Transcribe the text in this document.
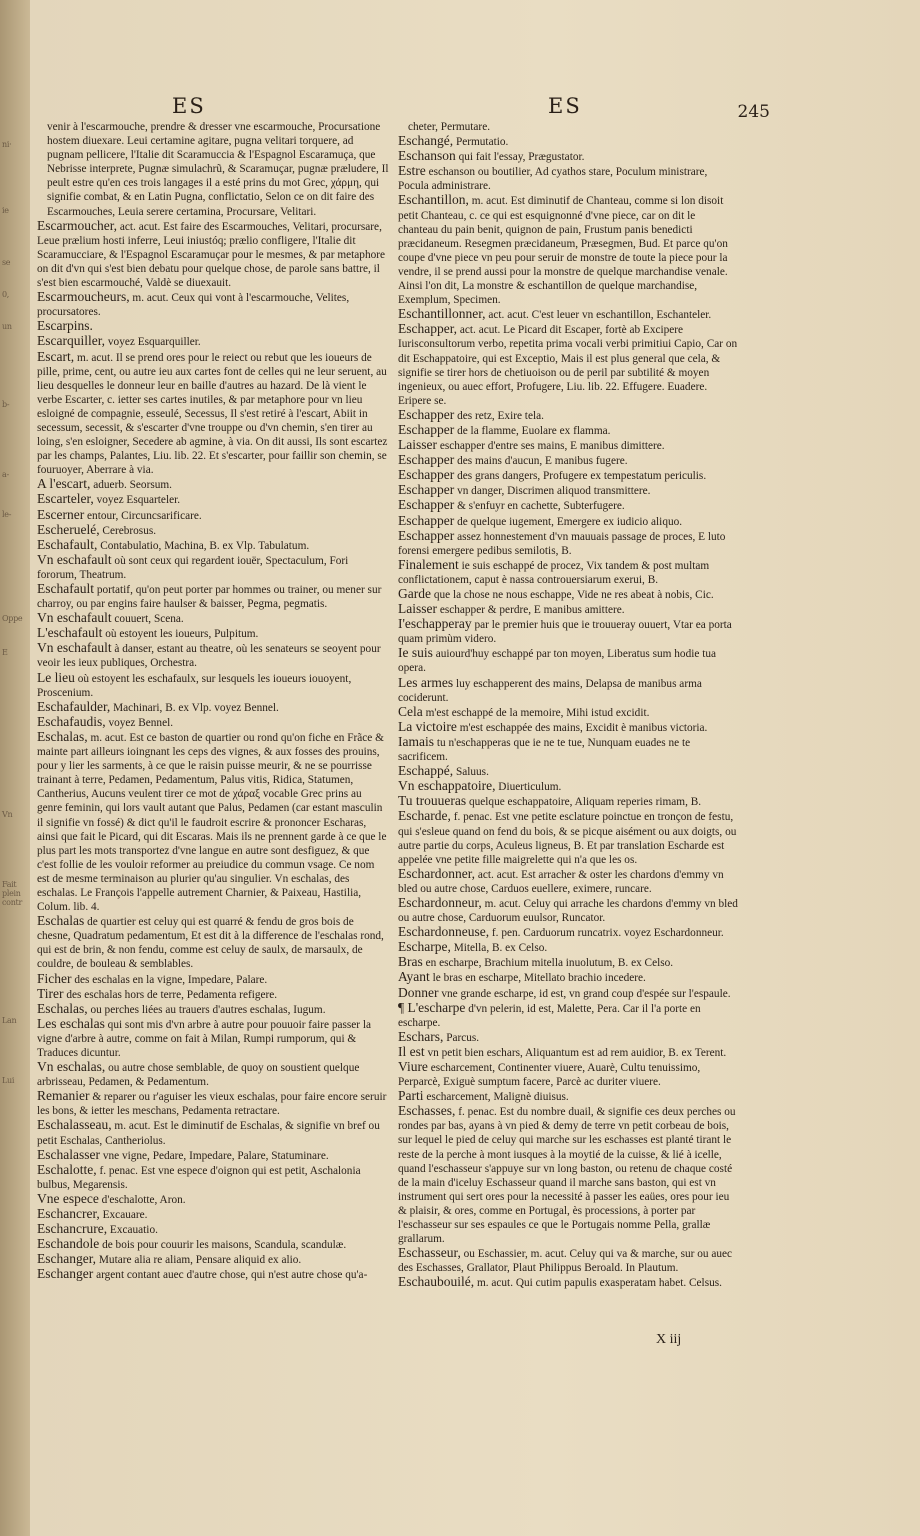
ni·
ie
se
0,
un
b-
a-
le-
Oppe
E
Vn
Fait plein contr
Lan
Lui
ES	ES	245

venir à l'escarmouche, prendre & dresser vne escarmouche, Procursatione hostem diuexare. Leui certamine agitare, pugna velitari torquere, ad pugnam pellicere, l'Italie dit Scaramuccia & l'Espagnol Escaramuça, que Nebrisse interprete, Pugnæ simulachrũ, & Scaramuçar, pugnæ præludere, Il peult estre qu'en ces trois langages il a esté prins du mot Grec, χάρμη, qui signifie combat, & en Latin Pugna, conflictatio, Selon ce on dit faire des Escarmouches, Leuia serere certamina, Procursare, Velitari.

Escarmoucher, act. acut. Est faire des Escarmouches, Velitari, procursare, Leue prælium hosti inferre, Leui iniustóq; prælio confligere, l'Italie dit Scaramucciare, & l'Espagnol Escaramuçar pour le mesmes, & par metaphore on dit d'vn qui s'est bien debatu pour quelque chose, de parole sans battre, il s'est bien escarmouché, Valdè se diuexauit.

Escarmoucheurs, m. acut. Ceux qui vont à l'escarmouche, Velites, procursatores.

Escarpins.

Escarquiller, voyez Esquarquiller.

Escart, m. acut. Il se prend ores pour le reiect ou rebut que les ioueurs de pille, prime, cent, ou autre ieu aux cartes font de celles qui ne leur seruent, au lieu desquelles le donneur leur en baille d'autres au hazard. De là vient le verbe Escarter, c. ietter ses cartes inutiles, & par metaphore pour vn lieu esloigné de compagnie, esseulé, Secessus, Il s'est retiré à l'escart, Abiit in secessum, secessit, & s'escarter d'vne trouppe ou d'vn chemin, s'en tirer au loing, s'en esloigner, Secedere ab agmine, à via. On dit aussi, Ils sont escartez par les champs, Palantes, Liu. lib. 22. Et s'escarter, pour faillir son chemin, se fouruoyer, Aberrare à via.

A l'escart, aduerb. Seorsum.

Escarteler, voyez Esquarteler.

Escerner entour, Circuncsarificare.

Escheruelé, Cerebrosus.

Eschafault, Contabulatio, Machina, B. ex Vlp. Tabulatum.

Vn eschafault où sont ceux qui regardent iouër, Spectaculum, Fori fororum, Theatrum.

Eschafault portatif, qu'on peut porter par hommes ou trainer, ou mener sur charroy, ou par engins faire haulser & baisser, Pegma, pegmatis.

Vn eschafault couuert, Scena.

L'eschafault où estoyent les ioueurs, Pulpitum.

Vn eschafault à danser, estant au theatre, où les senateurs se seoyent pour veoir les ieux publiques, Orchestra.

Le lieu où estoyent les eschafaulx, sur lesquels les ioueurs iouoyent, Proscenium.

Eschafaulder, Machinari, B. ex Vlp. voyez Bennel.

Eschafaudis, voyez Bennel.

Eschalas, m. acut. Est ce baston de quartier ou rond qu'on fiche en Frãce & mainte part ailleurs ioingnant les ceps des vignes, & aux fosses des prouins, pour y lier les sarments, à ce que le raisin puisse meurir, & ne se pourrisse trainant à terre, Pedamen, Pedamentum, Palus vitis, Ridica, Statumen, Cantherius, Aucuns veulent tirer ce mot de χάραξ vocable Grec prins au genre feminin, qui lors vault autant que Palus, Pedamen (car estant masculin il signifie vn fossé) & dict qu'il le faudroit escrire & prononcer Escharas, ainsi que fait le Picard, qui dit Escaras. Mais ils ne prennent garde à ce que le plus part les mots transportez d'vne langue en autre sont desfiguez, & que c'est follie de les vouloir reformer au preiudice du commun vsage. Ce nom est de mesme terminaison au plurier qu'au singulier. Vn eschalas, des eschalas. Le François l'appelle autrement Charnier, & Paixeau, Hastilia, Colum. lib. 4.

Eschalas de quartier est celuy qui est quarré & fendu de gros bois de chesne, Quadratum pedamentum, Et est dit à la difference de l'eschalas rond, qui est de brin, & non fendu, comme est celuy de saulx, de marsaulx, de couldre, de bouleau & semblables.

Ficher des eschalas en la vigne, Impedare, Palare.

Tirer des eschalas hors de terre, Pedamenta refigere.

Eschalas, ou perches liées au trauers d'autres eschalas, Iugum.

Les eschalas qui sont mis d'vn arbre à autre pour pouuoir faire passer la vigne d'arbre à autre, comme on fait à Milan, Rumpi rumporum, qui & Traduces dicuntur.

Vn eschalas, ou autre chose semblable, de quoy on soustient quelque arbrisseau, Pedamen, & Pedamentum.

Remanier & reparer ou r'aguiser les vieux eschalas, pour faire encore seruir les bons, & ietter les meschans, Pedamenta retractare.

Eschalasseau, m. acut. Est le diminutif de Eschalas, & signifie vn bref ou petit Eschalas, Cantheriolus.

Eschalasser vne vigne, Pedare, Impedare, Palare, Statuminare.

Eschalotte, f. penac. Est vne espece d'oignon qui est petit, Aschalonia bulbus, Megarensis.

Vne espece d'eschalotte, Aron.

Eschancrer, Excauare.

Eschancrure, Excauatio.

Eschandole de bois pour couurir les maisons, Scandula, scandulæ.

Eschanger, Mutare alia re aliam, Pensare aliquid ex alio.

Eschanger argent contant auec d'autre chose, qui n'est autre chose qu'a-

cheter, Permutare.

Eschangé, Permutatio.

Eschanson qui fait l'essay, Prægustator.

Estre eschanson ou boutilier, Ad cyathos stare, Poculum ministrare, Pocula administrare.

Eschantillon, m. acut. Est diminutif de Chanteau, comme si lon disoit petit Chanteau, c. ce qui est esquignonné d'vne piece, car on dit le chanteau du pain benit, quignon de pain, Frustum panis benedicti præcidaneum. Resegmen præcidaneum, Præsegmen, Bud. Et parce qu'on coupe d'vne piece vn peu pour seruir de monstre de toute la piece pour la vendre, il se prend aussi pour la monstre de quelque marchandise venale. Ainsi l'on dit, La monstre & eschantillon de quelque marchandise, Exemplum, Specimen.

Eschantillonner, act. acut. C'est leuer vn eschantillon, Eschanteler.

Eschapper, act. acut. Le Picard dit Escaper, fortè ab Excipere Iurisconsultorum verbo, repetita prima vocali verbi primitiui Capio, Car on dit Eschappatoire, qui est Exceptio, Mais il est plus general que cela, & signifie se tirer hors de chetiuoison ou de peril par subtilité & moyen ingenieux, ou auec effort, Profugere, Liu. lib. 22. Effugere. Euadere. Eripere se.

Eschapper des retz, Exire tela.

Eschapper de la flamme, Euolare ex flamma.

Laisser eschapper d'entre ses mains, E manibus dimittere.

Eschapper des mains d'aucun, E manibus fugere.

Eschapper des grans dangers, Profugere ex tempestatum periculis.

Eschapper vn danger, Discrimen aliquod transmittere.

Eschapper & s'enfuyr en cachette, Subterfugere.

Eschapper de quelque iugement, Emergere ex iudicio aliquo.

Eschapper assez honnestement d'vn mauuais passage de proces, E luto forensi emergere pedibus semilotis, B.

Finalement ie suis eschappé de procez, Vix tandem & post multam conflictationem, caput è nassa controuersiarum exerui, B.

Garde que la chose ne nous eschappe, Vide ne res abeat à nobis, Cic.

Laisser eschapper & perdre, E manibus amittere.

I'eschapperay par le premier huis que ie trouueray ouuert, Vtar ea porta quam primùm videro.

Ie suis auiourd'huy eschappé par ton moyen, Liberatus sum hodie tua opera.

Les armes luy eschapperent des mains, Delapsa de manibus arma cociderunt.

Cela m'est eschappé de la memoire, Mihi istud excidit.

La victoire m'est eschappée des mains, Excidit è manibus victoria.

Iamais tu n'eschapperas que ie ne te tue, Nunquam euades ne te sacrificem.

Eschappé, Saluus.

Vn eschappatoire, Diuerticulum.

Tu trouueras quelque eschappatoire, Aliquam reperies rimam, B.

Escharde, f. penac. Est vne petite esclature poinctue en tronçon de festu, qui s'esleue quand on fend du bois, & se picque aisément ou aux doigts, ou autre partie du corps, Aculeus ligneus, B. Et par translation Escharde est appelée vne petite fille maigrelette qui n'a que les os.

Eschardonner, act. acut. Est arracher & oster les chardons d'emmy vn bled ou autre chose, Carduos euellere, eximere, runcare.

Eschardonneur, m. acut. Celuy qui arrache les chardons d'emmy vn bled ou autre chose, Carduorum euulsor, Runcator.

Eschardonneuse, f. pen. Carduorum runcatrix. voyez Eschardonneur.

Escharpe, Mitella, B. ex Celso.

Bras en escharpe, Brachium mitella inuolutum, B. ex Celso.

Ayant le bras en escharpe, Mitellato brachio incedere.

Donner vne grande escharpe, id est, vn grand coup d'espée sur l'espaule.

¶ L'escharpe d'vn pelerin, id est, Malette, Pera. Car il l'a porte en escharpe.

Eschars, Parcus.

Il est vn petit bien eschars, Aliquantum est ad rem auidior, B. ex Terent.

Viure escharcement, Continenter viuere, Auarè, Cultu tenuissimo, Perparcè, Exiguè sumptum facere, Parcè ac duriter viuere.

Parti escharcement, Malignè diuisus.

Eschasses, f. penac. Est du nombre duail, & signifie ces deux perches ou rondes par bas, ayans à vn pied & demy de terre vn petit corbeau de bois, sur lequel le pied de celuy qui marche sur les eschasses est planté tirant le reste de la perche à mont iusques à la moytié de la cuisse, & lié à icelle, quand l'eschasseur s'appuye sur vn long baston, ou retenu de chaque costé de la main d'iceluy Eschasseur quand il marche sans baston, qui est vn instrument qui sert ores pour la necessité à passer les eaües, ores pour ieu & plaisir, & ores, comme en Portugal, ès processions, à porter par l'eschasseur sur ses espaules ce que le Portugais nomme Pella, grallæ grallarum.

Eschasseur, ou Eschassier, m. acut. Celuy qui va & marche, sur ou auec des Eschasses, Grallator, Plaut Philippus Beroald. In Plautum.

Eschaubouilé, m. acut. Qui cutim papulis exasperatam habet. Celsus.

X iij
